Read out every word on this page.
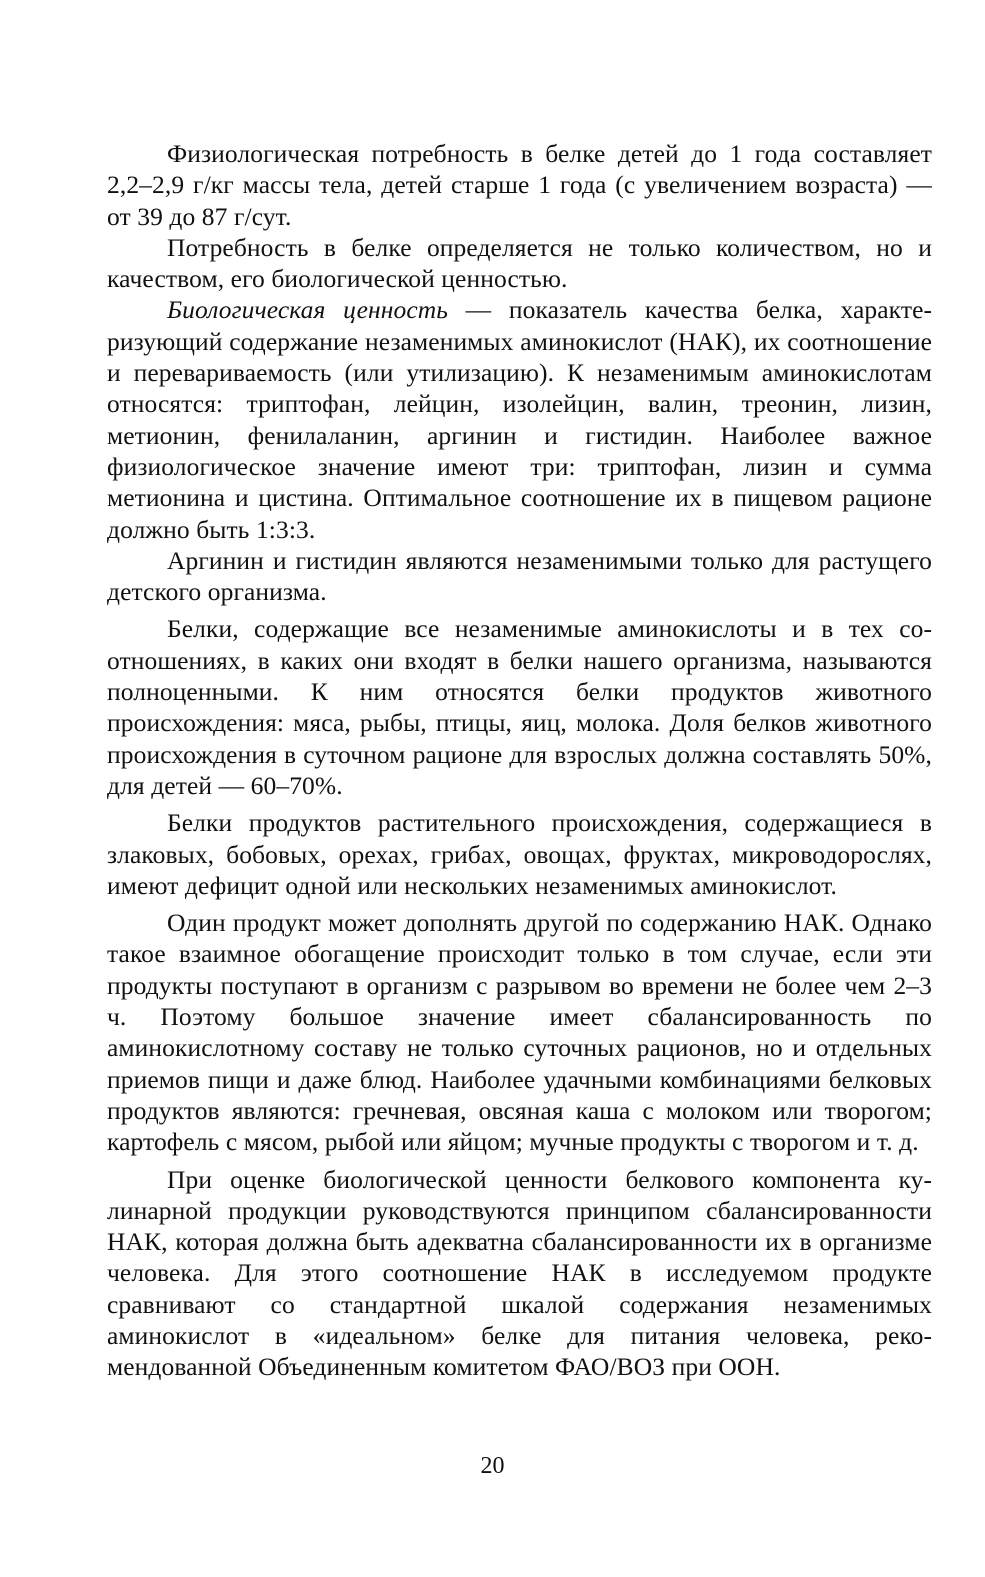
Физиологическая потребность в белке детей до 1 года составляет 2,2–2,9 г/кг массы тела, детей старше 1 года (с увеличением возраста) — от 39 до 87 г/сут.

Потребность в белке определяется не только количеством, но и качеством, его биологической ценностью.

Биологическая ценность — показатель качества белка, характеризующий содержание незаменимых аминокислот (НАК), их соотношение и перевариваемость (или утилизацию). К незаменимым аминокислотам относятся: триптофан, лейцин, изолейцин, валин, треонин, лизин, метионин, фенилаланин, аргинин и гистидин. Наиболее важное физиологическое значение имеют три: триптофан, лизин и сумма метионина и цистина. Оптимальное соотношение их в пищевом рационе должно быть 1:3:3.

Аргинин и гистидин являются незаменимыми только для растущего детского организма.

Белки, содержащие все незаменимые аминокислоты и в тех соотношениях, в каких они входят в белки нашего организма, называются полноценными. К ним относятся белки продуктов животного происхождения: мяса, рыбы, птицы, яиц, молока. Доля белков животного происхождения в суточном рационе для взрослых должна составлять 50%, для детей — 60–70%.

Белки продуктов растительного происхождения, содержащиеся в злаковых, бобовых, орехах, грибах, овощах, фруктах, микроводорослях, имеют дефицит одной или нескольких незаменимых аминокислот.

Один продукт может дополнять другой по содержанию НАК. Однако такое взаимное обогащение происходит только в том случае, если эти продукты поступают в организм с разрывом во времени не более чем 2–3 ч. Поэтому большое значение имеет сбалансированность по аминокислотному составу не только суточных рационов, но и отдельных приемов пищи и даже блюд. Наиболее удачными комбинациями белковых продуктов являются: гречневая, овсяная каша с молоком или творогом; картофель с мясом, рыбой или яйцом; мучные продукты с творогом и т. д.

При оценке биологической ценности белкового компонента кулинарной продукции руководствуются принципом сбалансированности НАК, которая должна быть адекватна сбалансированности их в организме человека. Для этого соотношение НАК в исследуемом продукте сравнивают со стандартной шкалой содержания незаменимых аминокислот в «идеальном» белке для питания человека, рекомендованной Объединенным комитетом ФАО/ВОЗ при ООН.

20
